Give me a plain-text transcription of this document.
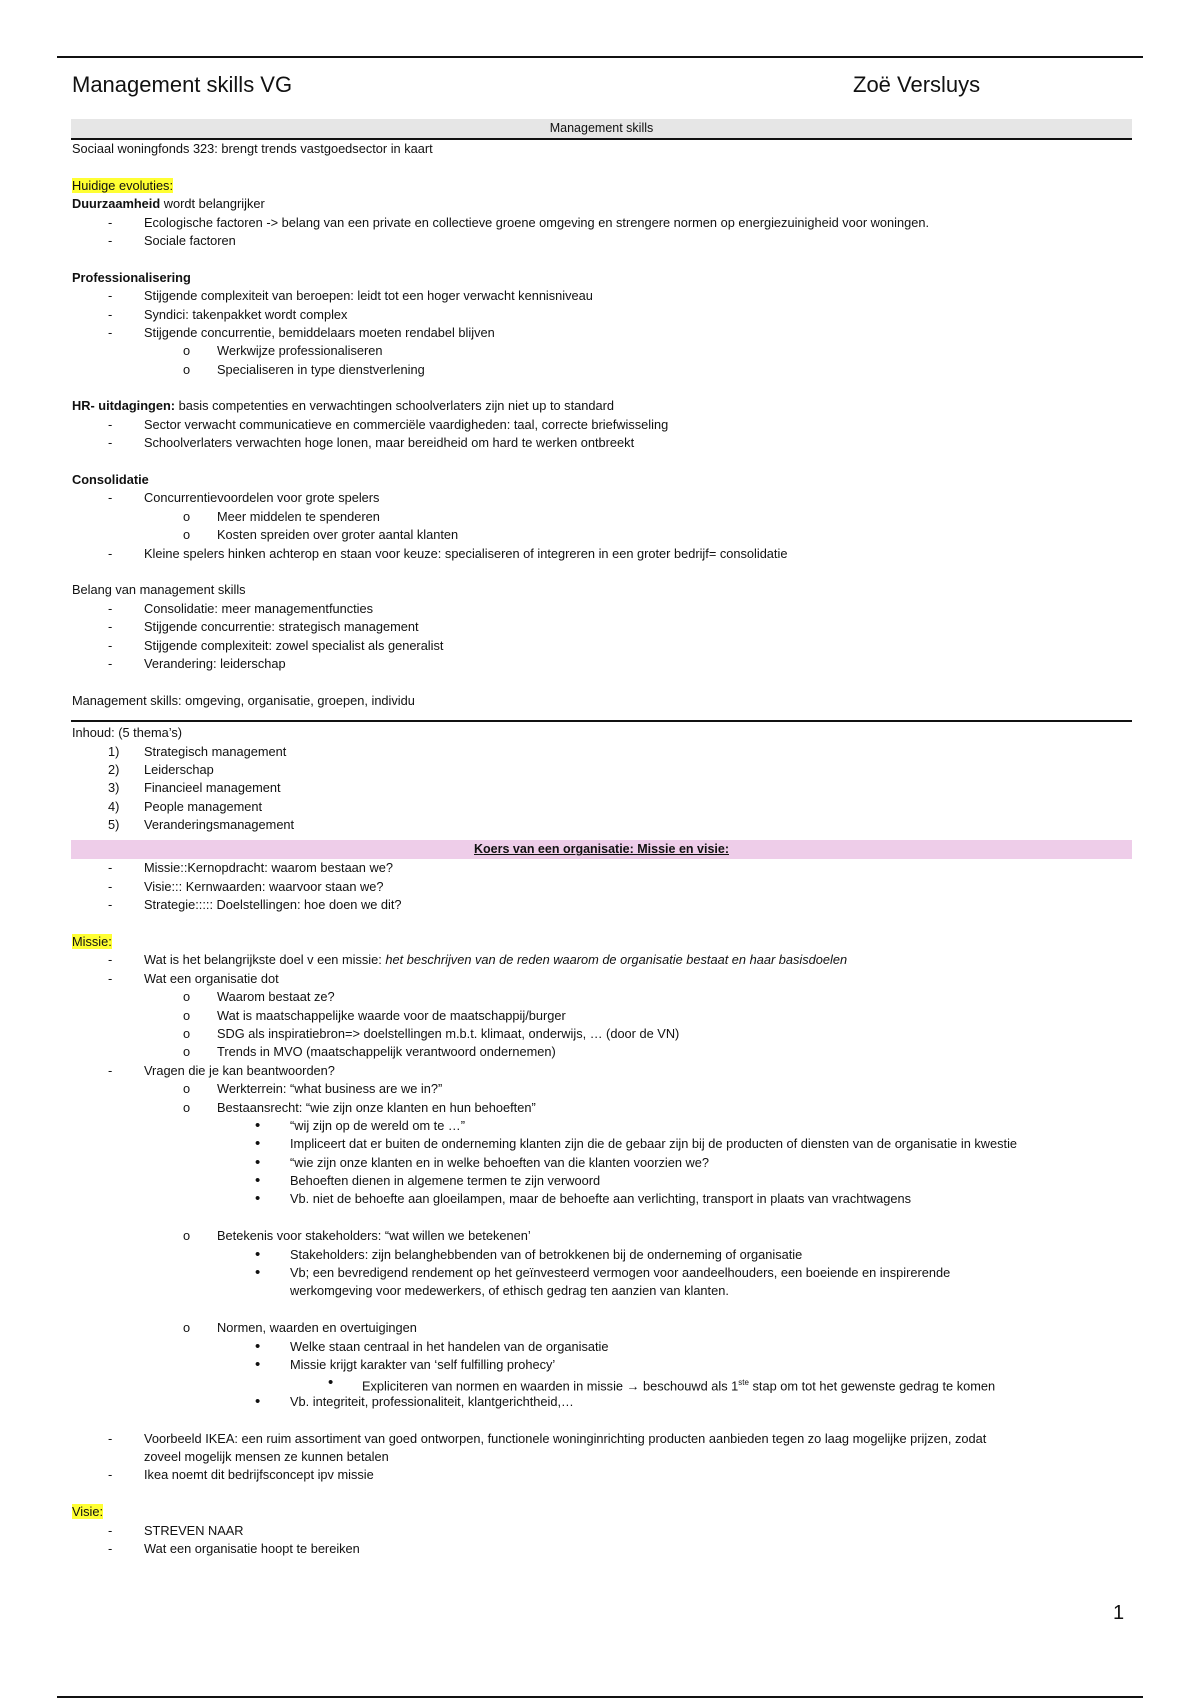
Management skills VG	Zoë Versluys
Management skills
Sociaal woningfonds 323: brengt trends vastgoedsector in kaart
Huidige evoluties:
Duurzaamheid wordt belangrijker
- Ecologische factoren -> belang van een private en collectieve groene omgeving en strengere normen op energiezuinigheid voor woningen.
- Sociale factoren
Professionalisering
- Stijgende complexiteit van beroepen: leidt tot een hoger verwacht kennisniveau
- Syndici: takenpakket wordt complex
- Stijgende concurrentie, bemiddelaars moeten rendabel blijven
o Werkwijze professionaliseren
o Specialiseren in type dienstverlening
HR- uitdagingen: basis competenties en verwachtingen schoolverlaters zijn niet up to standard
- Sector verwacht communicatieve en commerciële vaardigheden: taal, correcte briefwisseling
- Schoolverlaters verwachten hoge lonen, maar bereidheid om hard te werken ontbreekt
Consolidatie
- Concurrentievoordelen voor grote spelers
o Meer middelen te spenderen
o Kosten spreiden over groter aantal klanten
- Kleine spelers hinken achterop en staan voor keuze: specialiseren of integreren in een groter bedrijf= consolidatie
Belang van management skills
- Consolidatie: meer managementfuncties
- Stijgende concurrentie: strategisch management
- Stijgende complexiteit: zowel specialist als generalist
- Verandering: leiderschap
Management skills: omgeving, organisatie, groepen, individu
Inhoud: (5 thema’s)
1) Strategisch management
2) Leiderschap
3) Financieel management
4) People management
5) Veranderingsmanagement
Koers van een organisatie: Missie en visie:
- Missie::Kernopdracht: waarom bestaan we?
- Visie::: Kernwaarden: waarvoor staan we?
- Strategie::::: Doelstellingen: hoe doen we dit?
Missie:
- Wat is het belangrijkste doel v een missie: het beschrijven van de reden waarom de organisatie bestaat en haar basisdoelen
- Wat een organisatie dot
o Waarom bestaat ze?
o Wat is maatschappelijke waarde voor de maatschappij/burger
o SDG als inspiratiebron=> doelstellingen m.b.t. klimaat, onderwijs, … (door de VN)
o Trends in MVO (maatschappelijk verantwoord ondernemen)
- Vragen die je kan beantwoorden?
o Werkterrein: “what business are we in?”
o Bestaansrecht: “wie zijn onze klanten en hun behoeften”
• “wij zijn op de wereld om te …”
• Impliceert dat er buiten de onderneming klanten zijn die de gebaar zijn bij de producten of diensten van de organisatie in kwestie
• “wie zijn onze klanten en in welke behoeften van die klanten voorzien we?
• Behoeften dienen in algemene termen te zijn verwoord
• Vb. niet de behoefte aan gloeilampen, maar de behoefte aan verlichting, transport in plaats van vrachtwagens
o Betekenis voor stakeholders: “wat willen we betekenen’
• Stakeholders: zijn belanghebbenden van of betrokkenen bij de onderneming of organisatie
• Vb; een bevredigend rendement op het geïnvesteerd vermogen voor aandeelhouders, een boeiende en inspirerende
werkomgeving voor medewerkers, of ethisch gedrag ten aanzien van klanten.
o Normen, waarden en overtuigingen
• Welke staan centraal in het handelen van de organisatie
• Missie krijgt karakter van ‘self fulfilling prohecy’
• Expliciteren van normen en waarden in missie → beschouwd als 1ste stap om tot het gewenste gedrag te komen
• Vb. integriteit, professionaliteit, klantgerichtheid,…
- Voorbeeld IKEA: een ruim assortiment van goed ontworpen, functionele woninginrichting producten aanbieden tegen zo laag mogelijke prijzen, zodat
zoveel mogelijk mensen ze kunnen betalen
- Ikea noemt dit bedrijfsconcept ipv missie
Visie:
- STREVEN NAAR
- Wat een organisatie hoopt te bereiken
1
